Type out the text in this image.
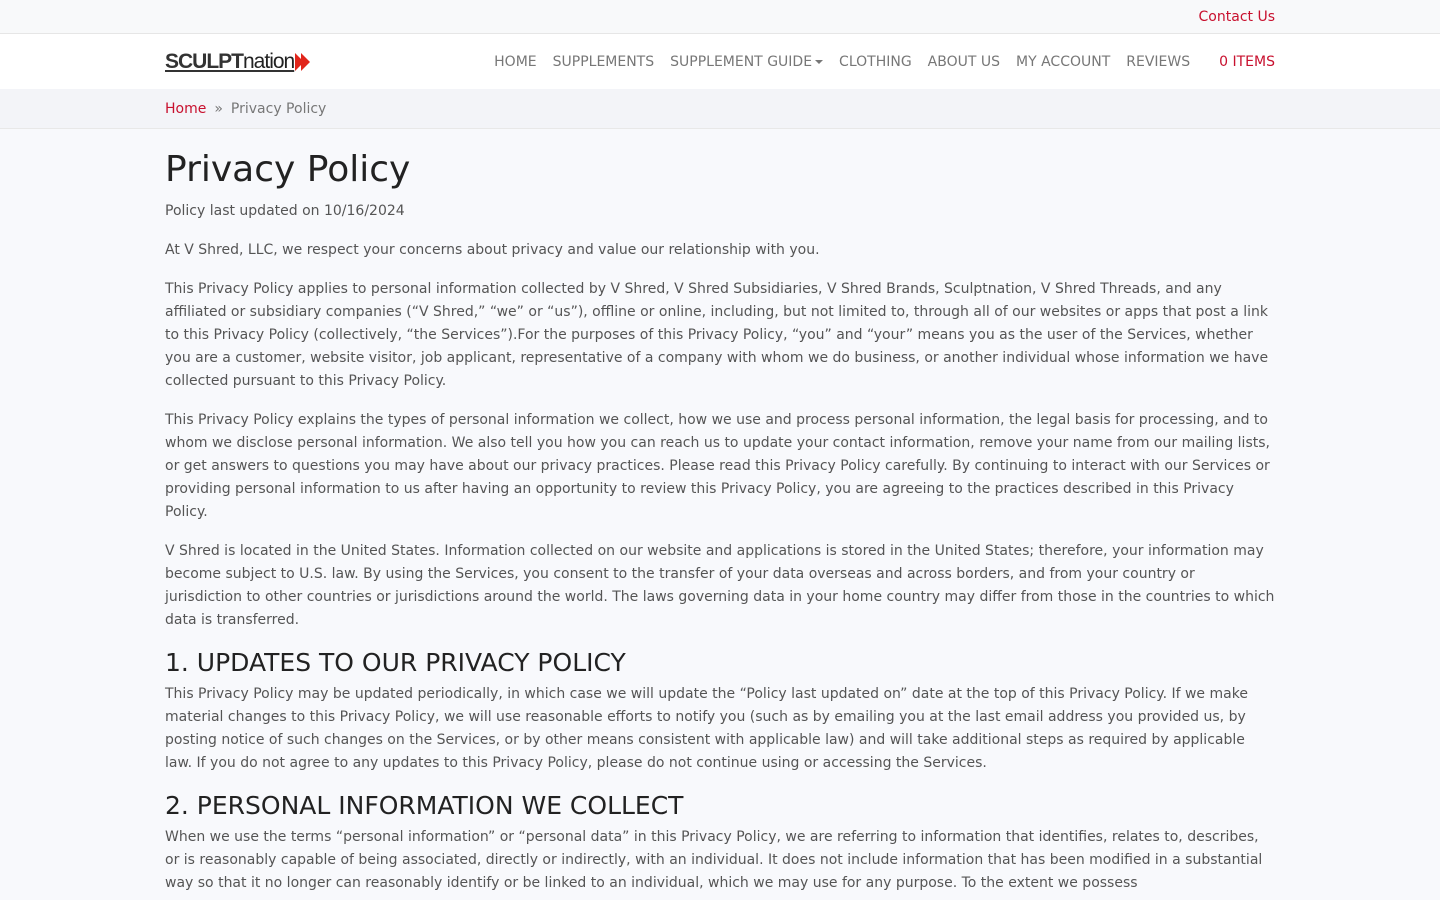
Contact Us
SCULPT nation	HOME	SUPPLEMENTS	SUPPLEMENT GUIDE	CLOTHING	ABOUT US	MY ACCOUNT	REVIEWS	0 ITEMS
Home » Privacy Policy
Privacy Policy

Policy last updated on 10/16/2024

At V Shred, LLC, we respect your concerns about privacy and value our relationship with you.

This Privacy Policy applies to personal information collected by V Shred, V Shred Subsidiaries, V Shred Brands, Sculptnation, V Shred Threads, and any affiliated or subsidiary companies (“V Shred,” “we” or “us”), offline or online, including, but not limited to, through all of our websites or apps that post a link to this Privacy Policy (collectively, “the Services”).For the purposes of this Privacy Policy, “you” and “your” means you as the user of the Services, whether you are a customer, website visitor, job applicant, representative of a company with whom we do business, or another individual whose information we have collected pursuant to this Privacy Policy.

This Privacy Policy explains the types of personal information we collect, how we use and process personal information, the legal basis for processing, and to whom we disclose personal information. We also tell you how you can reach us to update your contact information, remove your name from our mailing lists, or get answers to questions you may have about our privacy practices. Please read this Privacy Policy carefully. By continuing to interact with our Services or providing personal information to us after having an opportunity to review this Privacy Policy, you are agreeing to the practices described in this Privacy Policy.

V Shred is located in the United States. Information collected on our website and applications is stored in the United States; therefore, your information may become subject to U.S. law. By using the Services, you consent to the transfer of your data overseas and across borders, and from your country or jurisdiction to other countries or jurisdictions around the world. The laws governing data in your home country may differ from those in the countries to which data is transferred.

1. UPDATES TO OUR PRIVACY POLICY

This Privacy Policy may be updated periodically, in which case we will update the “Policy last updated on” date at the top of this Privacy Policy. If we make material changes to this Privacy Policy, we will use reasonable efforts to notify you (such as by emailing you at the last email address you provided us, by posting notice of such changes on the Services, or by other means consistent with applicable law) and will take additional steps as required by applicable law. If you do not agree to any updates to this Privacy Policy, please do not continue using or accessing the Services.

2. PERSONAL INFORMATION WE COLLECT

When we use the terms “personal information” or “personal data” in this Privacy Policy, we are referring to information that identifies, relates to, describes, or is reasonably capable of being associated, directly or indirectly, with an individual. It does not include information that has been modified in a substantial way so that it no longer can reasonably identify or be linked to an individual, which we may use for any purpose. To the extent we possess
